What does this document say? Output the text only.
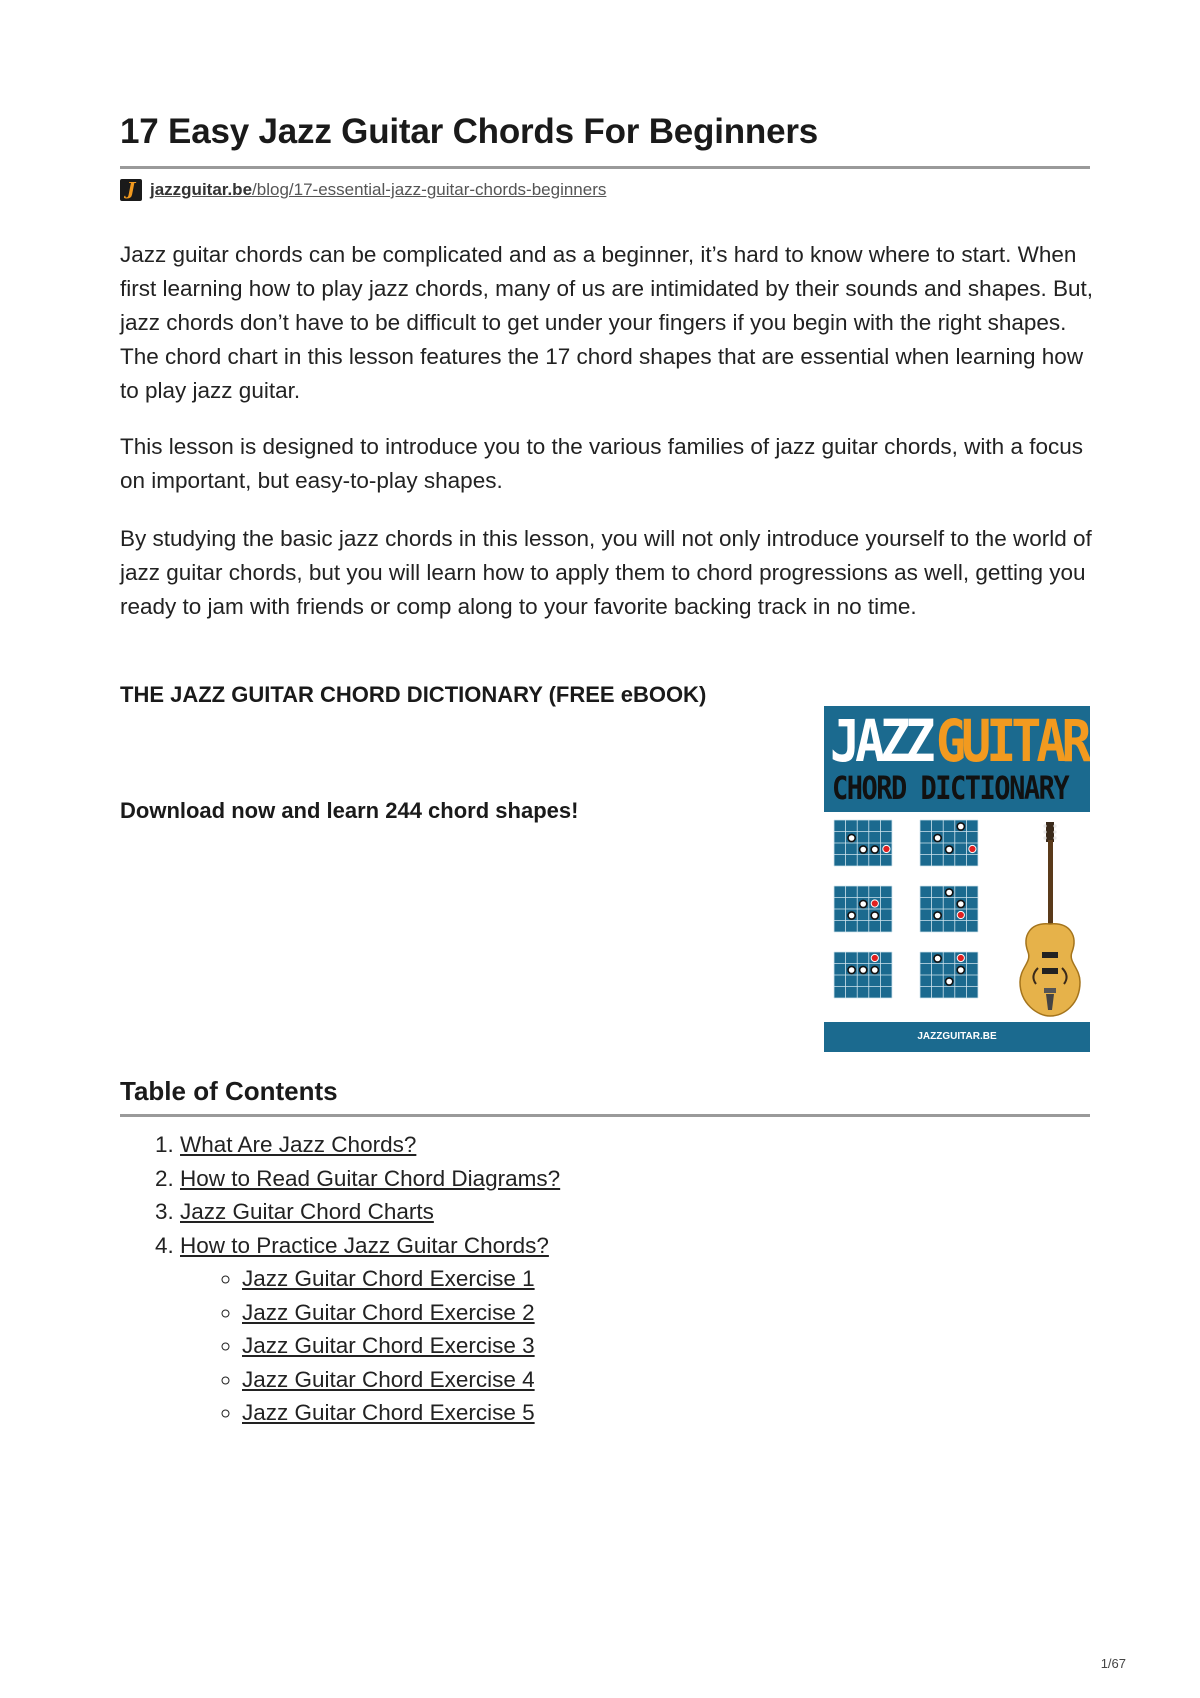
17 Easy Jazz Guitar Chords For Beginners
J jazzguitar.be/blog/17-essential-jazz-guitar-chords-beginners

Jazz guitar chords can be complicated and as a beginner, it’s hard to know where to start. When first learning how to play jazz chords, many of us are intimidated by their sounds and shapes. But, jazz chords don’t have to be difficult to get under your fingers if you begin with the right shapes. The chord chart in this lesson features the 17 chord shapes that are essential when learning how to play jazz guitar.

This lesson is designed to introduce you to the various families of jazz guitar chords, with a focus on important, but easy-to-play shapes.

By studying the basic jazz chords in this lesson, you will not only introduce yourself to the world of jazz guitar chords, but you will learn how to apply them to chord progressions as well, getting you ready to jam with friends or comp along to your favorite backing track in no time.

THE JAZZ GUITAR CHORD DICTIONARY (FREE eBOOK)

Download now and learn 244 chord shapes!

JAZZ GUITAR
CHORD DICTIONARY
JAZZGUITAR.BE
Table of Contents
1. What Are Jazz Chords?
2. How to Read Guitar Chord Diagrams?
3. Jazz Guitar Chord Charts
4. How to Practice Jazz Guitar Chords?
◦ Jazz Guitar Chord Exercise 1
◦ Jazz Guitar Chord Exercise 2
◦ Jazz Guitar Chord Exercise 3
◦ Jazz Guitar Chord Exercise 4
◦ Jazz Guitar Chord Exercise 5
1/67
